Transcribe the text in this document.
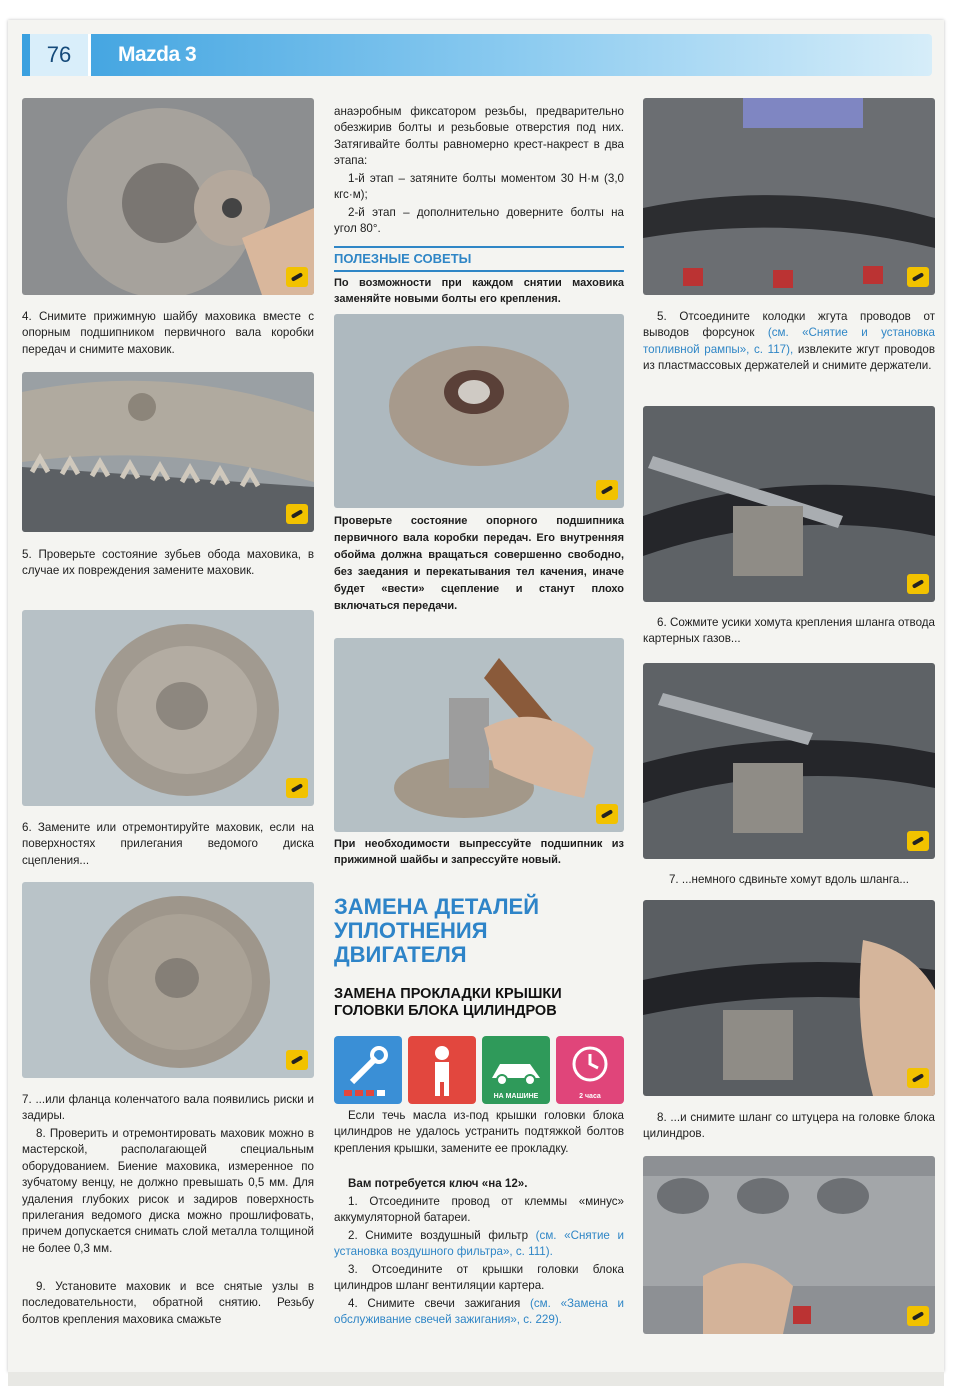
76	Mazda 3
4. Снимите прижимную шайбу маховика вместе с опорным подшипником первичного вала коробки передач и снимите маховик.
5. Проверьте состояние зубьев обода маховика, в случае их повреждения замените маховик.
6. Замените или отремонтируйте маховик, если на поверхностях прилегания ведомого диска сцепления...
7. ...или фланца коленчатого вала появились риски и задиры.
8. Проверить и отремонтировать маховик можно в мастерской, располагающей специальным оборудованием. Биение маховика, измеренное по зубчатому венцу, не должно превышать 0,5 мм. Для удаления глубоких рисок и задиров поверхность прилегания ведомого диска можно прошлифовать, причем допускается снимать слой металла толщиной не более 0,3 мм.
9. Установите маховик и все снятые узлы в последовательности, обратной снятию. Резьбу болтов крепления маховика смажьте
анаэробным фиксатором резьбы, предварительно обезжирив болты и резьбовые отверстия под них. Затягивайте болты равномерно крест-накрест в два этапа:
1-й этап – затяните болты моментом 30 Н·м (3,0 кгс·м);
2-й этап – дополнительно доверните болты на угол 80°.
ПОЛЕЗНЫЕ СОВЕТЫ
По возможности при каждом снятии маховика заменяйте новыми болты его крепления.
Проверьте состояние опорного подшипника первичного вала коробки передач. Его внутренняя обойма должна вращаться совершенно свободно, без заедания и перекатывания тел качения, иначе будет «вести» сцепление и станут плохо включаться передачи.
При необходимости выпрессуйте подшипник из прижимной шайбы и запрессуйте новый.
ЗАМЕНА ДЕТАЛЕЙ УПЛОТНЕНИЯ ДВИГАТЕЛЯ
ЗАМЕНА ПРОКЛАДКИ КРЫШКИ ГОЛОВКИ БЛОКА ЦИЛИНДРОВ
НА МАШИНЕ	2 часа
Если течь масла из-под крышки головки блока цилиндров не удалось устранить подтяжкой болтов крепления крышки, замените ее прокладку.
Вам потребуется ключ «на 12».
1. Отсоедините провод от клеммы «минус» аккумуляторной батареи.
2. Снимите воздушный фильтр (см. «Снятие и установка воздушного фильтра», с. 111).
3. Отсоедините от крышки головки блока цилиндров шланг вентиляции картера.
4. Снимите свечи зажигания (см. «Замена и обслуживание свечей зажигания», с. 229).
5. Отсоедините колодки жгута проводов от выводов форсунок (см. «Снятие и установка топливной рампы», с. 117), извлеките жгут проводов из пластмассовых держателей и снимите держатели.
6. Сожмите усики хомута крепления шланга отвода картерных газов...
7. ...немного сдвиньте хомут вдоль шланга...
8. ...и снимите шланг со штуцера на головке блока цилиндров.
